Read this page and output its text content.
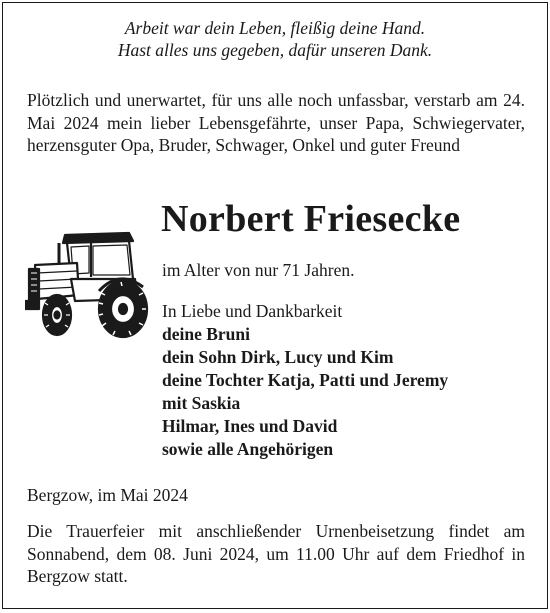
Arbeit war dein Leben, fleißig deine Hand.
Hast alles uns gegeben, dafür unseren Dank.
Plötzlich und unerwartet, für uns alle noch unfassbar, verstarb am 24. Mai 2024 mein lieber Lebensgefährte, unser Papa, Schwiegervater, herzensguter Opa, Bruder, Schwager, Onkel und guter Freund
Norbert Friesecke
im Alter von nur 71 Jahren.
In Liebe und Dankbarkeit
deine Bruni
dein Sohn Dirk, Lucy und Kim
deine Tochter Katja, Patti und Jeremy
mit Saskia
Hilmar, Ines und David
sowie alle Angehörigen
Bergzow, im Mai 2024
Die Trauerfeier mit anschließender Urnenbeisetzung findet am Sonnabend, dem 08. Juni 2024, um 11.00 Uhr auf dem Friedhof in Bergzow statt.
